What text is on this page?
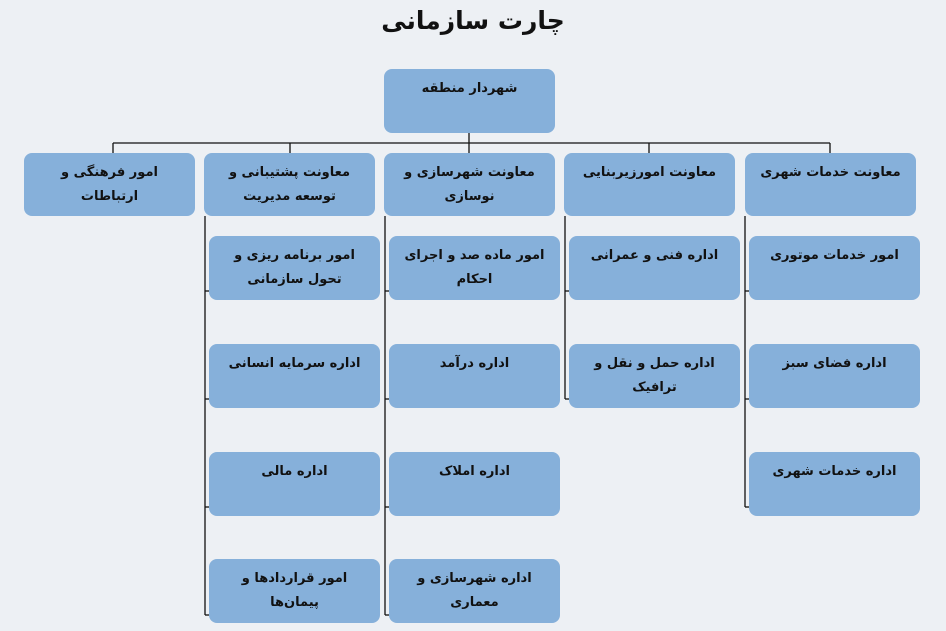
چارت سازمانی
شهردار منطقه
معاونت خدمات شهری
معاونت امورزیربنایی
معاونت شهرسازی و نوسازی
معاونت پشتیبانی و توسعه مدیریت
امور فرهنگی و ارتباطات
امور خدمات موتوری
اداره فضای سبز
اداره خدمات شهری
اداره فنی و عمرانی
اداره حمل و نقل و ترافیک
امور ماده صد و اجرای احکام
اداره درآمد
اداره املاک
اداره شهرسازی و معماری
امور برنامه ریزی و تحول سازمانی
اداره سرمایه انسانی
اداره مالی
امور قراردادها و پیمان‌ها
